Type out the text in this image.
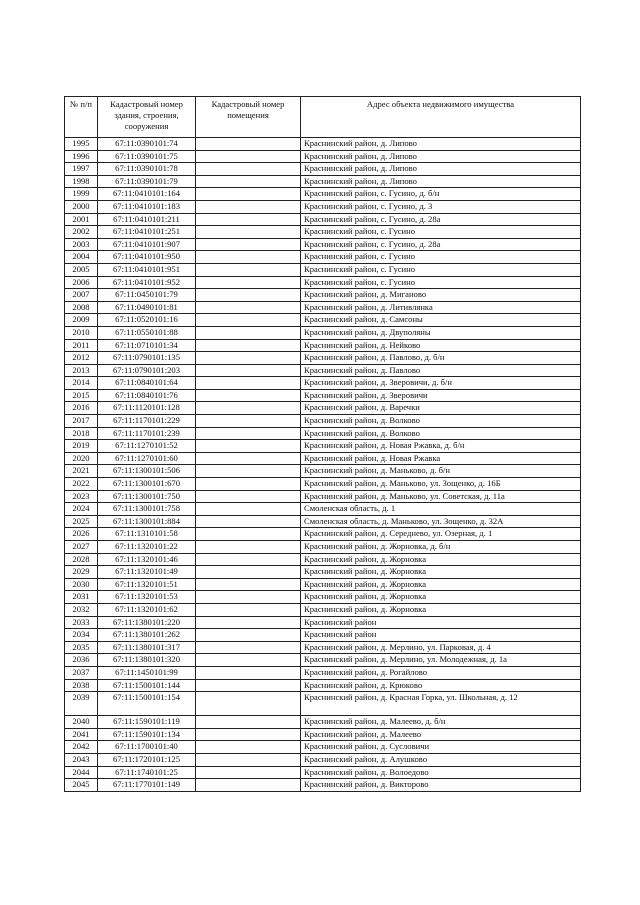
№ п/п	Кадастровый номер здания, строения, сооружения	Кадастровый номер помещения	Адрес объекта недвижимого имущества
1995	67:11:0390101:74		Краснинский район, д. Липово
1996	67:11:0390101:75		Краснинский район, д. Липово
1997	67:11:0390101:78		Краснинский район, д. Липово
1998	67:11:0390101:79		Краснинский район, д. Липово
1999	67:11:0410101:164		Краснинский район, с. Гусино, д. б/н
2000	67:11:0410101:183		Краснинский район, с. Гусино, д. 3
2001	67:11:0410101:211		Краснинский район, с. Гусино, д. 28а
2002	67:11:0410101:251		Краснинский район, с. Гусино
2003	67:11:0410101:907		Краснинский район, с. Гусино, д. 28а
2004	67:11:0410101:950		Краснинский район, с. Гусино
2005	67:11:0410101:951		Краснинский район, с. Гусино
2006	67:11:0410101:952		Краснинский район, с. Гусино
2007	67:11:0450101:79		Краснинский район, д. Миганово
2008	67:11:0490101:81		Краснинский район, д. Литивлянка
2009	67:11:0520101:16		Краснинский район, д. Самсоны
2010	67:11:0550101:88		Краснинский район, д. Двуполяны
2011	67:11:0710101:34		Краснинский район, д. Нейково
2012	67:11:0790101:135		Краснинский район, д. Павлово, д. б/н
2013	67:11:0790101:203		Краснинский район, д. Павлово
2014	67:11:0840101:64		Краснинский район, д. Зверовичи, д. б/н
2015	67:11:0840101:76		Краснинский район, д. Зверовичи
2016	67:11:1120101:128		Краснинский район, д. Варечки
2017	67:11:1170101:229		Краснинский район, д. Волково
2018	67:11:1170101:239		Краснинский район, д. Волково
2019	67:11:1270101:52		Краснинский район, д. Новая Ржавка, д. б/н
2020	67:11:1270101:60		Краснинский район, д. Новая Ржавка
2021	67:11:1300101:506		Краснинский район, д. Маньково, д. б/н
2022	67:11:1300101:670		Краснинский район, д. Маньково, ул. Зощенко, д. 16Б
2023	67:11:1300101:750		Краснинский район, д. Маньково, ул. Советская, д. 11а
2024	67:11:1300101:758		Смоленская область, д. 1
2025	67:11:1300101:884		Смоленская область, д. Маньково, ул. Зощенко, д. 32А
2026	67:11:1310101:58		Краснинский район, д. Середнево, ул. Озерная, д. 1
2027	67:11:1320101:22		Краснинский район, д. Жорновка, д. б/н
2028	67:11:1320101:46		Краснинский район, д. Жорновка
2029	67:11:1320101:49		Краснинский район, д. Жорновка
2030	67:11:1320101:51		Краснинский район, д. Жорновка
2031	67:11:1320101:53		Краснинский район, д. Жорновка
2032	67:11:1320101:62		Краснинский район, д. Жорновка
2033	67:11:1380101:220		Краснинский район
2034	67:11:1380101:262		Краснинский район
2035	67:11:1380101:317		Краснинский район, д. Мерлино, ул. Парковая, д. 4
2036	67:11:1380101:320		Краснинский район, д. Мерлино, ул. Молодежная, д. 1а
2037	67:11:1450101:99		Краснинский район, д. Рогайлово
2038	67:11:1500101:144		Краснинский район, д. Крюково
2039	67:11:1500101:154		Краснинский район, д. Красная Горка, ул. Школьная, д. 12
2040	67:11:1590101:119		Краснинский район, д. Малеево, д. б/н
2041	67:11:1590101:134		Краснинский район, д. Малеево
2042	67:11:1700101:40		Краснинский район, д. Сусловичи
2043	67:11:1720101:125		Краснинский район, д. Алушково
2044	67:11:1740101:25		Краснинский район, д. Волоедово
2045	67:11:1770101:149		Краснинский район, д. Викторово
